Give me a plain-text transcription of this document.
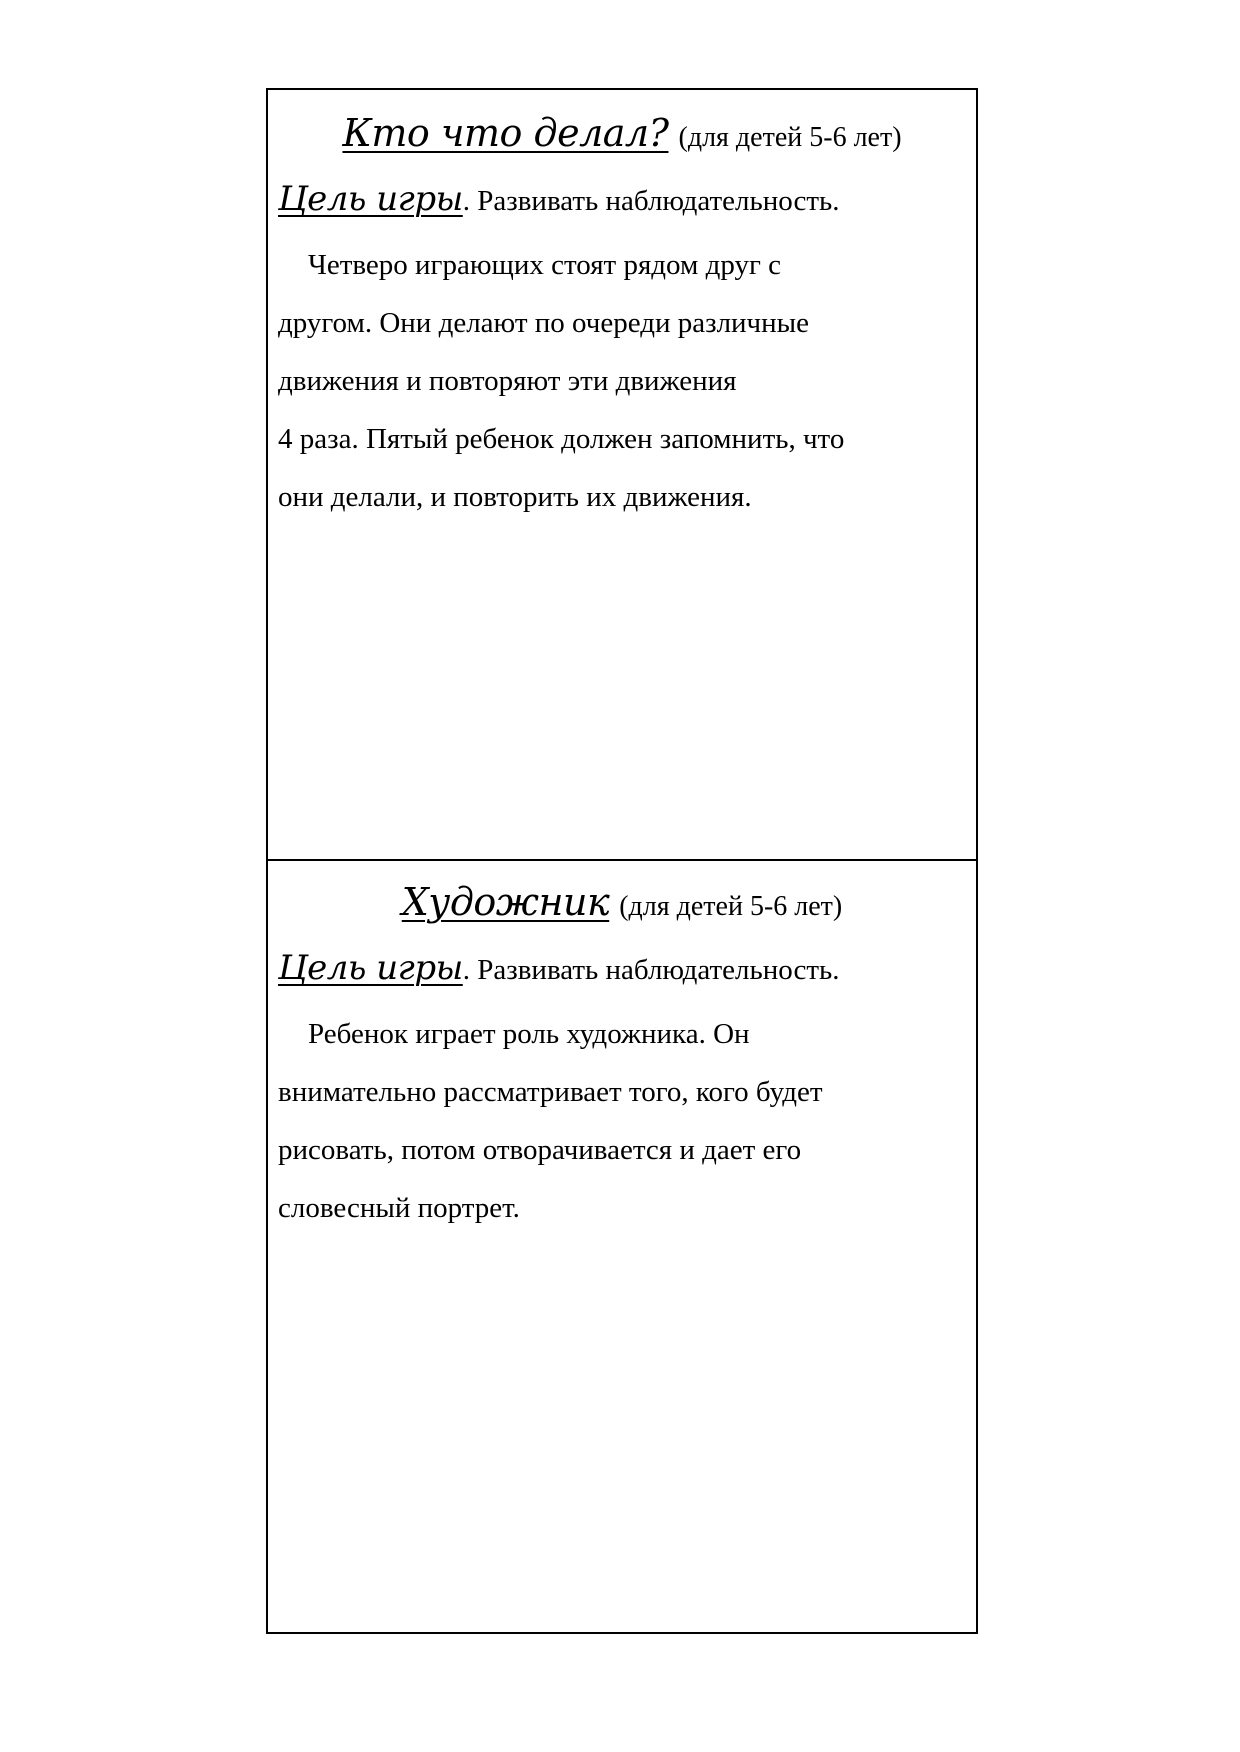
Кто что делал? (для детей 5-6 лет)
Цель игры. Развивать наблюдательность.
Четверо играющих стоят рядом друг с
другом. Они делают по очереди различные
движения и повторяют эти движения
4 раза. Пятый ребенок должен запомнить, что
они делали, и повторить их движения.
Художник (для детей 5-6 лет)
Цель игры. Развивать наблюдательность.
Ребенок играет роль художника. Он
внимательно рассматривает того, кого будет
рисовать, потом отворачивается и дает его
словесный портрет.
